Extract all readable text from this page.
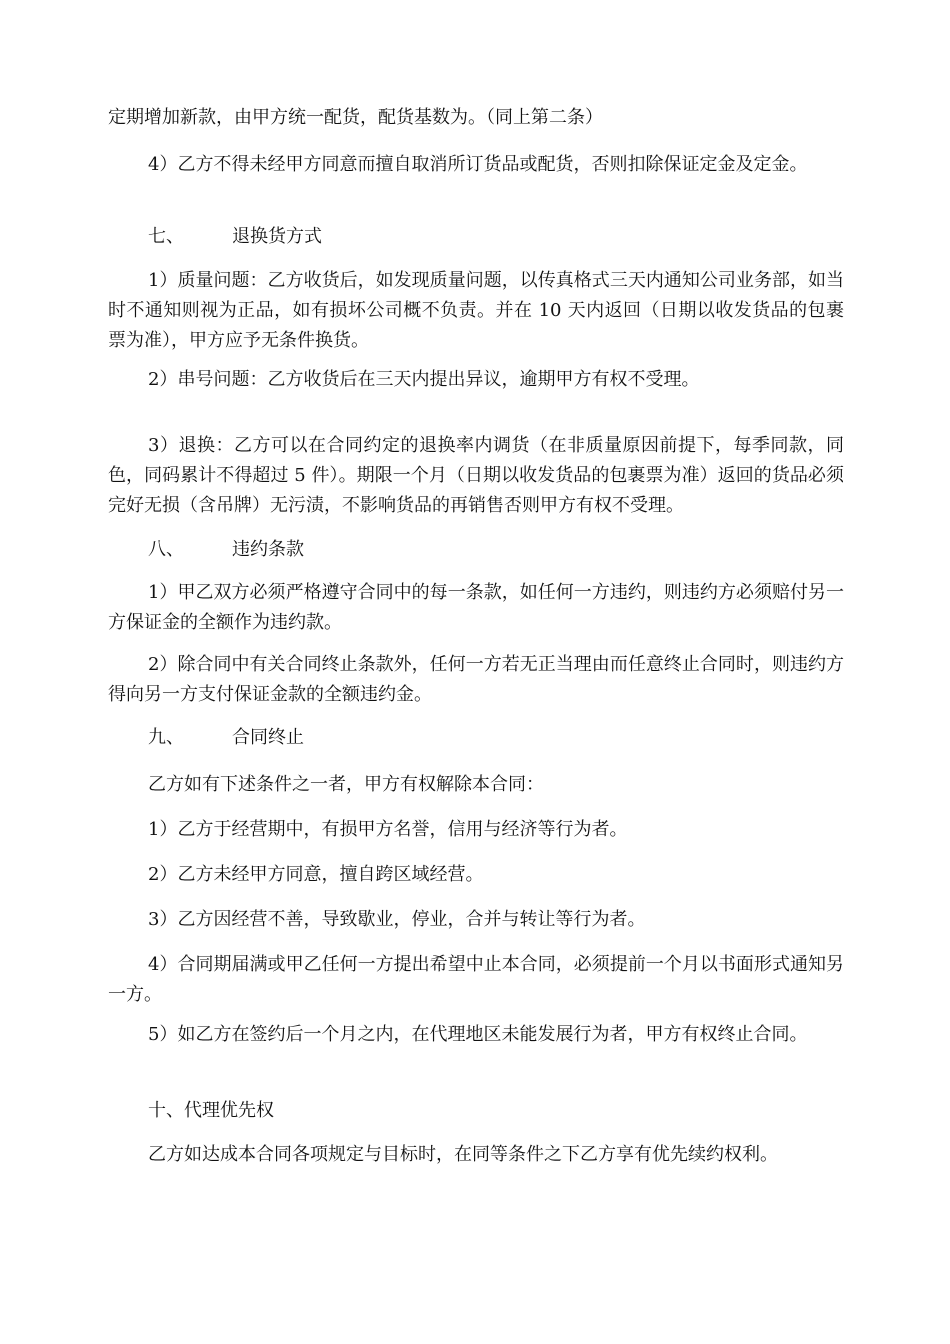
定期增加新款，由甲方统一配货，配货基数为。（同上第二条）

4）乙方不得未经甲方同意而擅自取消所订货品或配货，否则扣除保证定金及定金。

七、	退换货方式

1）质量问题：乙方收货后，如发现质量问题，以传真格式三天内通知公司业务部，如当时不通知则视为正品，如有损坏公司概不负责。并在 10 天内返回（日期以收发货品的包裹票为准），甲方应予无条件换货。

2）串号问题：乙方收货后在三天内提出异议，逾期甲方有权不受理。

3）退换：乙方可以在合同约定的退换率内调货（在非质量原因前提下，每季同款，同色，同码累计不得超过 5 件）。期限一个月（日期以收发货品的包裹票为准）返回的货品必须完好无损（含吊牌）无污渍，不影响货品的再销售否则甲方有权不受理。

八、	违约条款

1）甲乙双方必须严格遵守合同中的每一条款，如任何一方违约，则违约方必须赔付另一方保证金的全额作为违约款。

2）除合同中有关合同终止条款外，任何一方若无正当理由而任意终止合同时，则违约方得向另一方支付保证金款的全额违约金。

九、	合同终止

乙方如有下述条件之一者，甲方有权解除本合同：

1）乙方于经营期中，有损甲方名誉，信用与经济等行为者。

2）乙方未经甲方同意，擅自跨区域经营。

3）乙方因经营不善，导致歇业，停业，合并与转让等行为者。

4）合同期届满或甲乙任何一方提出希望中止本合同，必须提前一个月以书面形式通知另一方。

5）如乙方在签约后一个月之内，在代理地区未能发展行为者，甲方有权终止合同。

十、代理优先权

乙方如达成本合同各项规定与目标时，在同等条件之下乙方享有优先续约权利。
